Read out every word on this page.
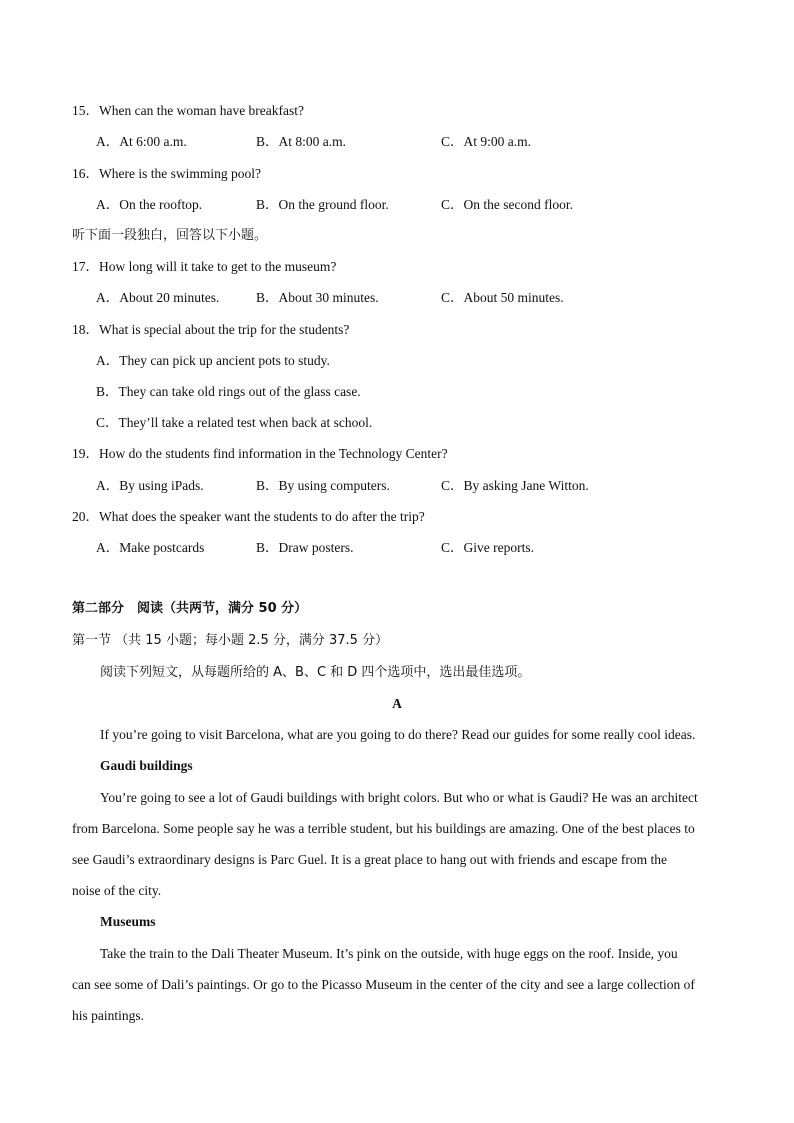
15．When can the woman have breakfast?
A．At 6:00 a.m.	B．At 8:00 a.m.	C．At 9:00 a.m.
16．Where is the swimming pool?
A．On the rooftop.	B．On the ground floor.	C．On the second floor.
听下面一段独白，回答以下小题。
17．How long will it take to get to the museum?
A．About 20 minutes.	B．About 30 minutes.	C．About 50 minutes.
18．What is special about the trip for the students?
A．They can pick up ancient pots to study.
B．They can take old rings out of the glass case.
C．They’ll take a related test when back at school.
19．How do the students find information in the Technology Center?
A．By using iPads.	B．By using computers.	C．By asking Jane Witton.
20．What does the speaker want the students to do after the trip?
A．Make postcards	B．Draw posters.	C．Give reports.
第二部分　阅读（共两节，满分 50 分）
第一节 （共 15 小题；每小题 2.5 分，满分 37.5 分）
阅读下列短文，从每题所给的 A、B、C 和 D 四个选项中，选出最佳选项。
A
If you’re going to visit Barcelona, what are you going to do there? Read our guides for some really cool ideas.
Gaudi buildings
You’re going to see a lot of Gaudi buildings with bright colors. But who or what is Gaudi? He was an architect
from Barcelona. Some people say he was a terrible student, but his buildings are amazing. One of the best places to
see Gaudi’s extraordinary designs is Parc Guel. It is a great place to hang out with friends and escape from the
noise of the city.
Museums
Take the train to the Dali Theater Museum. It’s pink on the outside, with huge eggs on the roof. Inside, you
can see some of Dali’s paintings. Or go to the Picasso Museum in the center of the city and see a large collection of
his paintings.
